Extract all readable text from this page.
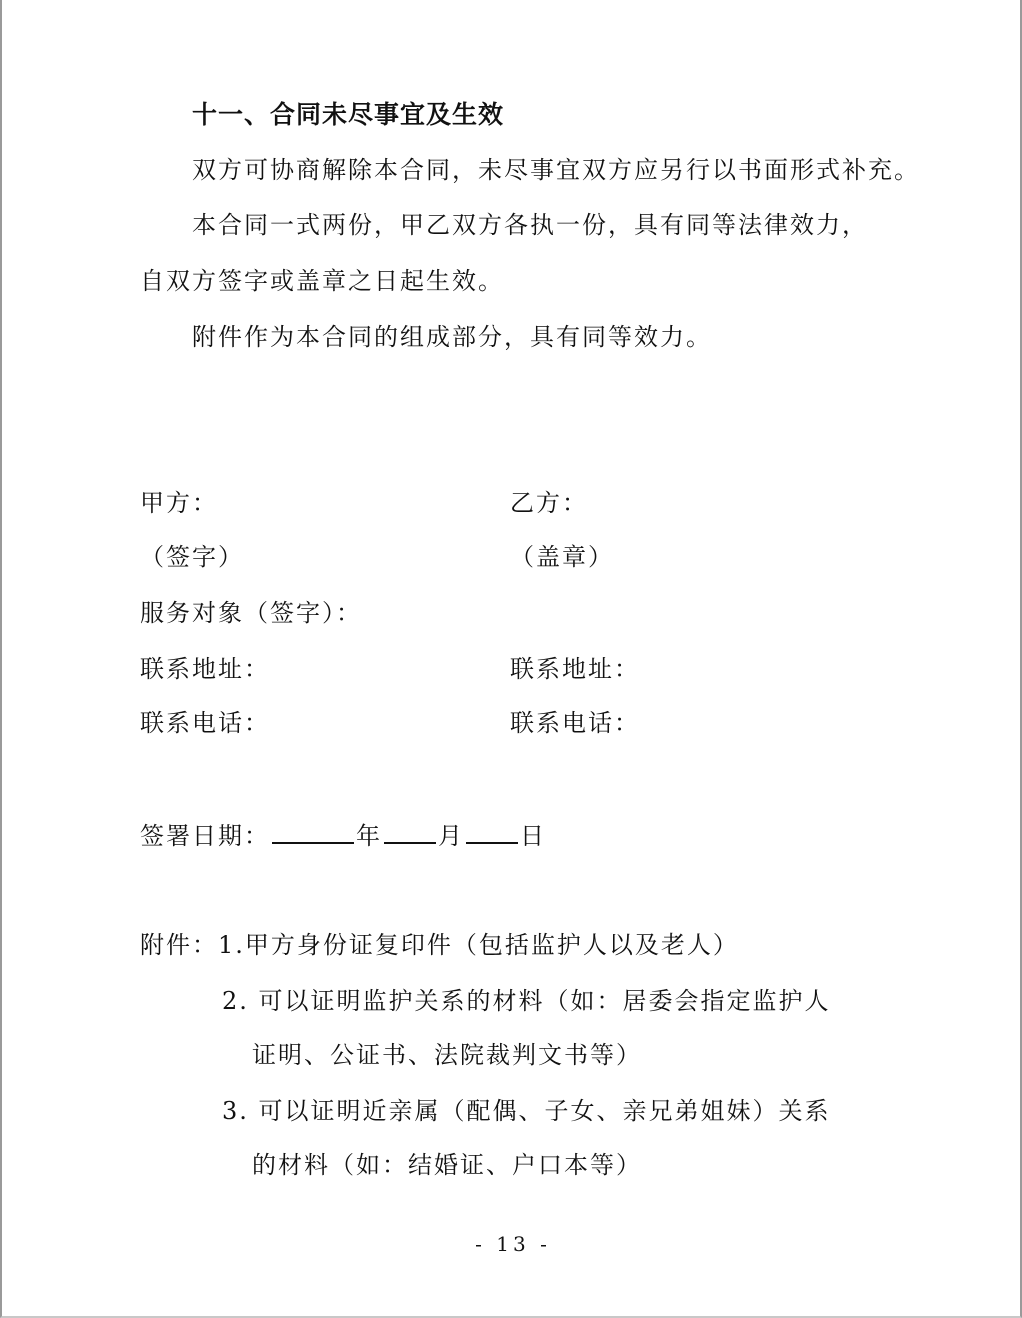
十一、合同未尽事宜及生效
双方可协商解除本合同，未尽事宜双方应另行以书面形式补充。
本合同一式两份，甲乙双方各执一份，具有同等法律效力，
自双方签字或盖章之日起生效。
附件作为本合同的组成部分，具有同等效力。
甲方：	乙方：
（签字）	（盖章）
服务对象（签字）：
联系地址：	联系地址：
联系电话：	联系电话：
签署日期：	年 月 日
附件：1.甲方身份证复印件（包括监护人以及老人）
2. 可以证明监护关系的材料（如：居委会指定监护人
证明、公证书、法院裁判文书等）
3. 可以证明近亲属（配偶、子女、亲兄弟姐妹）关系
的材料（如：结婚证、户口本等）
- 13 -
